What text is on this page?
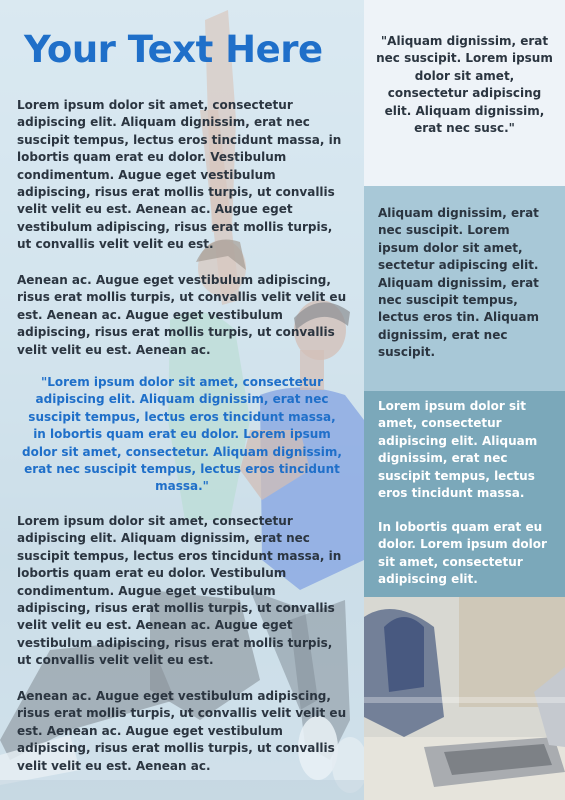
Your Text Here

Lorem ipsum dolor sit amet, consectetur adipiscing elit. Aliquam dignissim, erat nec suscipit tempus, lectus eros tincidunt massa, in lobortis quam erat eu dolor. Vestibulum condimentum. Augue eget vestibulum adipiscing, risus erat mollis turpis, ut convallis velit velit eu est. Aenean ac. Augue eget vestibulum adipiscing, risus erat mollis turpis, ut convallis velit velit eu est.

Aenean ac. Augue eget vestibulum adipiscing, risus erat mollis turpis, ut convallis velit velit eu est. Aenean ac. Augue eget vestibulum adipiscing, risus erat mollis turpis, ut convallis velit velit eu est. Aenean ac.

"Lorem ipsum dolor sit amet, consectetur adipiscing elit. Aliquam dignissim, erat nec suscipit tempus, lectus eros tincidunt massa, in lobortis quam erat eu dolor. Lorem ipsum dolor sit amet, consectetur. Aliquam dignissim, erat nec suscipit tempus, lectus eros tincidunt massa."

Lorem ipsum dolor sit amet, consectetur adipiscing elit. Aliquam dignissim, erat nec suscipit tempus, lectus eros tincidunt massa, in lobortis quam erat eu dolor. Vestibulum condimentum. Augue eget vestibulum adipiscing, risus erat mollis turpis, ut convallis velit velit eu est. Aenean ac. Augue eget vestibulum adipiscing, risus erat mollis turpis, ut convallis velit velit eu est.

Aenean ac. Augue eget vestibulum adipiscing, risus erat mollis turpis, ut convallis velit velit eu est. Aenean ac. Augue eget vestibulum adipiscing, risus erat mollis turpis, ut convallis velit velit eu est. Aenean ac.

"Aliquam dignissim, erat nec suscipit. Lorem ipsum dolor sit amet, consectetur adipiscing elit. Aliquam dignissim, erat nec susc."

Aliquam dignissim, erat nec suscipit. Lorem ipsum dolor sit amet, sectetur adipiscing elit. Aliquam dignissim, erat nec suscipit tempus, lectus eros tin. Aliquam dignissim, erat nec suscipit.

Lorem ipsum dolor sit amet, consectetur adipiscing elit. Aliquam dignissim, erat nec suscipit tempus, lectus eros tincidunt massa.

In lobortis quam erat eu dolor. Lorem ipsum dolor sit amet, consectetur adipiscing elit.
